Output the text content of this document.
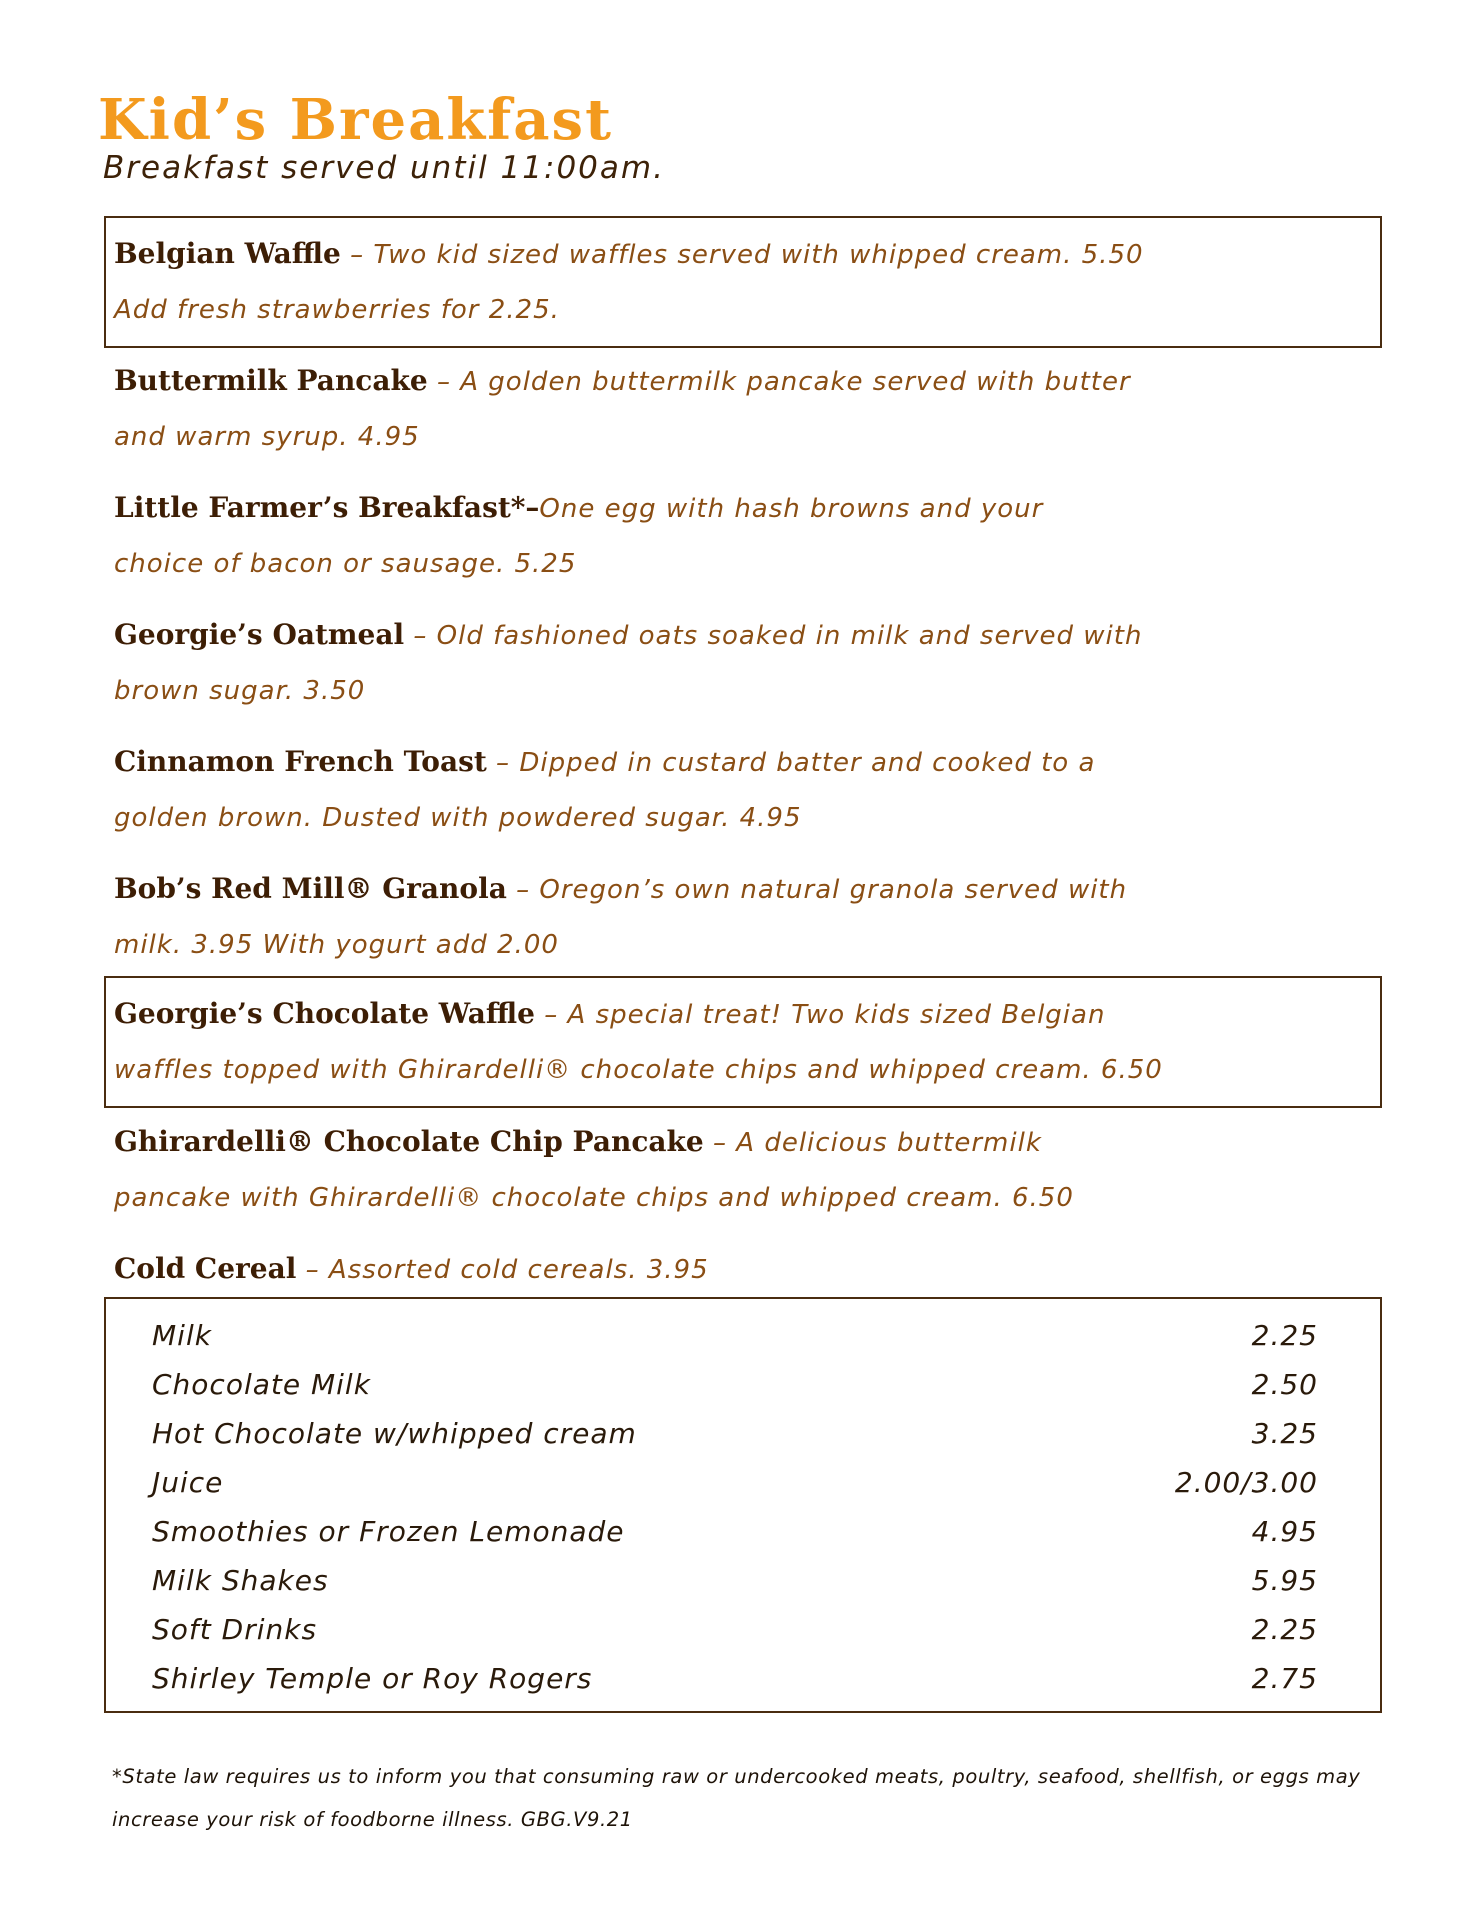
Kid’s Breakfast
Breakfast served until 11:00am.
Belgian Waffle – Two kid sized waffles served with whipped cream. 5.50
Add fresh strawberries for 2.25.
Buttermilk Pancake – A golden buttermilk pancake served with butter
and warm syrup. 4.95
Little Farmer’s Breakfast*–One egg with hash browns and your
choice of bacon or sausage. 5.25
Georgie’s Oatmeal – Old fashioned oats soaked in milk and served with
brown sugar. 3.50
Cinnamon French Toast – Dipped in custard batter and cooked to a
golden brown. Dusted with powdered sugar. 4.95
Bob’s Red Mill® Granola – Oregon’s own natural granola served with
milk. 3.95 With yogurt add 2.00
Georgie’s Chocolate Waffle – A special treat! Two kids sized Belgian
waffles topped with Ghirardelli® chocolate chips and whipped cream. 6.50
Ghirardelli® Chocolate Chip Pancake – A delicious buttermilk
pancake with Ghirardelli® chocolate chips and whipped cream. 6.50
Cold Cereal – Assorted cold cereals. 3.95
Milk	2.25
Chocolate Milk	2.50
Hot Chocolate w/whipped cream	3.25
Juice	2.00/3.00
Smoothies or Frozen Lemonade	4.95
Milk Shakes	5.95
Soft Drinks	2.25
Shirley Temple or Roy Rogers	2.75
*State law requires us to inform you that consuming raw or undercooked meats, poultry, seafood, shellfish, or eggs may
increase your risk of foodborne illness. GBG.V9.21
